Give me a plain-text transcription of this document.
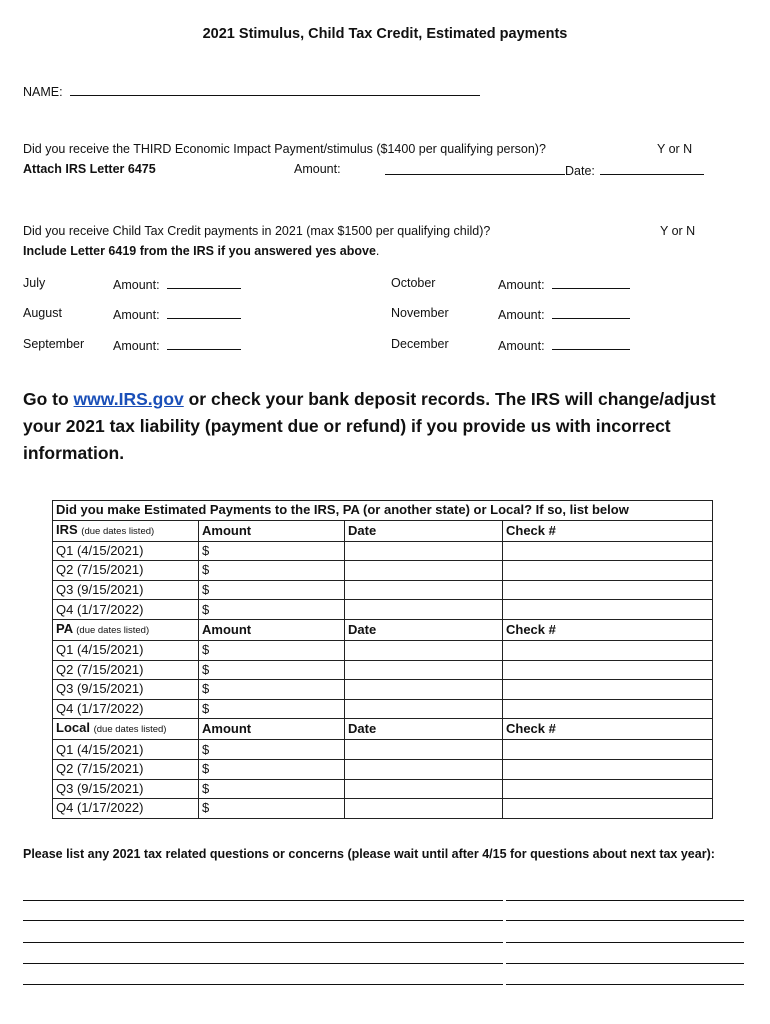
2021 Stimulus, Child Tax Credit, Estimated payments
NAME:
Did you receive the THIRD Economic Impact Payment/stimulus ($1400 per qualifying person)?	Y or N
Attach IRS Letter 6475	Amount:	Date:
Did you receive Child Tax Credit payments in 2021 (max $1500 per qualifying child)?	Y or N
Include Letter 6419 from the IRS if you answered yes above.
July	Amount:
August	Amount:
September Amount:
October	Amount:
November	Amount:
December	Amount:
Go to www.IRS.gov or check your bank deposit records. The IRS will change/adjust your 2021 tax liability (payment due or refund) if you provide us with incorrect information.
Did you make Estimated Payments to the IRS, PA (or another state) or Local? If so, list below			
IRS (due dates listed)	Amount	Date	Check #
Q1 (4/15/2021)	$		
Q2 (7/15/2021)	$		
Q3 (9/15/2021)	$		
Q4 (1/17/2022)	$		
PA (due dates listed)	Amount	Date	Check #
Q1 (4/15/2021)	$		
Q2 (7/15/2021)	$		
Q3 (9/15/2021)	$		
Q4 (1/17/2022)	$		
Local (due dates listed)	Amount	Date	Check #
Q1 (4/15/2021)	$		
Q2 (7/15/2021)	$		
Q3 (9/15/2021)	$		
Q4 (1/17/2022)	$		
Please list any 2021 tax related questions or concerns (please wait until after 4/15 for questions about next tax year):
